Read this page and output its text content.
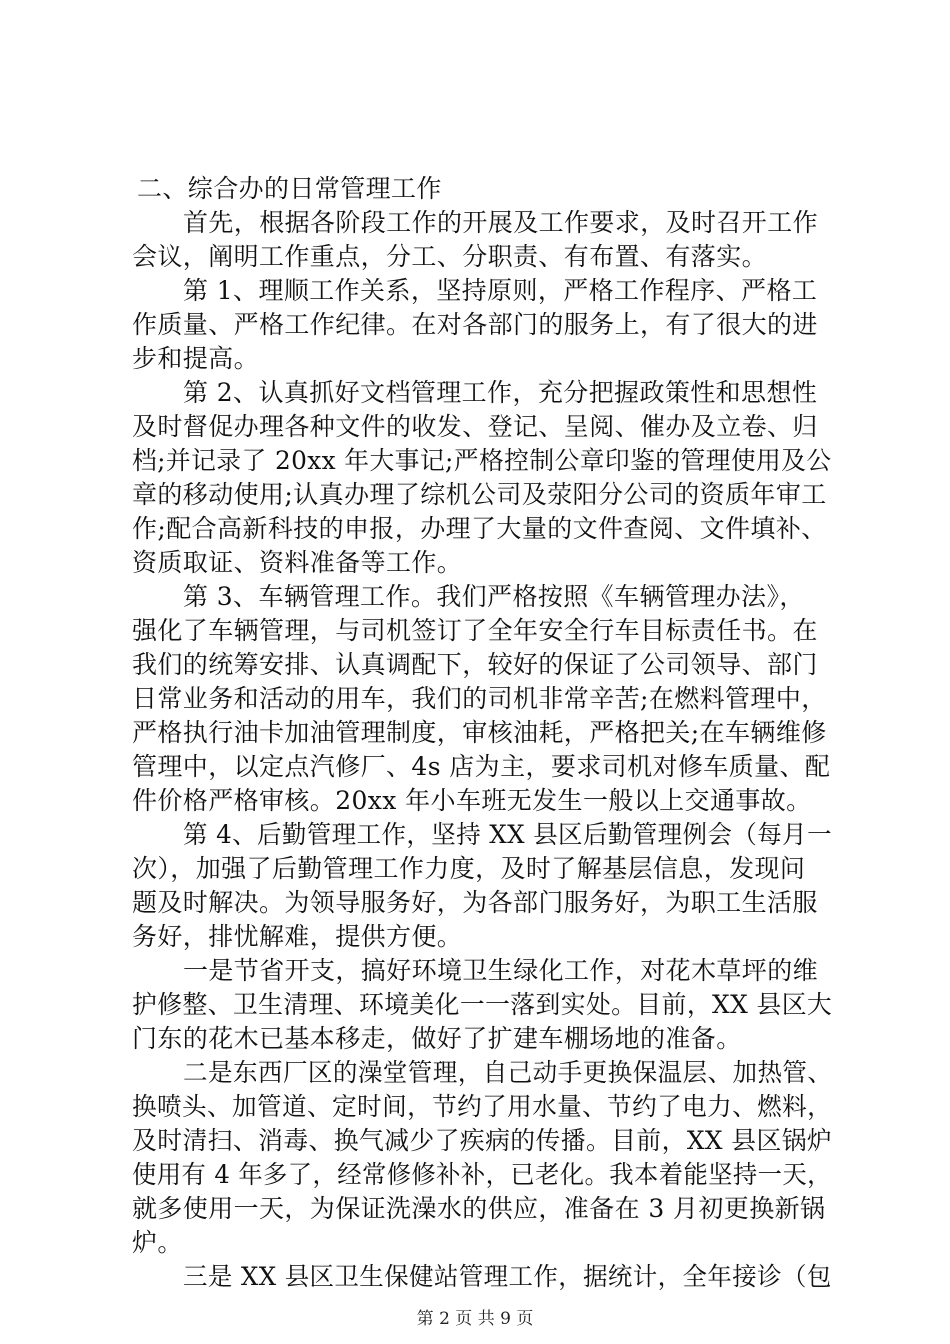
二、综合办的日常管理工作
首先，根据各阶段工作的开展及工作要求，及时召开工作
会议，阐明工作重点，分工、分职责、有布置、有落实。
第 1、理顺工作关系，坚持原则，严格工作程序、严格工
作质量、严格工作纪律。在对各部门的服务上，有了很大的进
步和提高。
第 2、认真抓好文档管理工作，充分把握政策性和思想性
及时督促办理各种文件的收发、登记、呈阅、催办及立卷、归
档;并记录了 20xx 年大事记;严格控制公章印鉴的管理使用及公
章的移动使用;认真办理了综机公司及荥阳分公司的资质年审工
作;配合高新科技的申报，办理了大量的文件查阅、文件填补、
资质取证、资料准备等工作。
第 3、车辆管理工作。我们严格按照《车辆管理办法》，
强化了车辆管理，与司机签订了全年安全行车目标责任书。在
我们的统筹安排、认真调配下，较好的保证了公司领导、部门
日常业务和活动的用车，我们的司机非常辛苦;在燃料管理中，
严格执行油卡加油管理制度，审核油耗，严格把关;在车辆维修
管理中，以定点汽修厂、4s 店为主，要求司机对修车质量、配
件价格严格审核。20xx 年小车班无发生一般以上交通事故。
第 4、后勤管理工作，坚持 XX 县区后勤管理例会（每月一
次），加强了后勤管理工作力度，及时了解基层信息，发现问
题及时解决。为领导服务好，为各部门服务好，为职工生活服
务好，排忧解难，提供方便。
一是节省开支，搞好环境卫生绿化工作，对花木草坪的维
护修整、卫生清理、环境美化一一落到实处。目前，XX 县区大
门东的花木已基本移走，做好了扩建车棚场地的准备。
二是东西厂区的澡堂管理，自己动手更换保温层、加热管、
换喷头、加管道、定时间，节约了用水量、节约了电力、燃料，
及时清扫、消毒、换气减少了疾病的传播。目前，XX 县区锅炉
使用有 4 年多了，经常修修补补，已老化。我本着能坚持一天，
就多使用一天，为保证洗澡水的供应，准备在 3 月初更换新锅
炉。
三是 XX 县区卫生保健站管理工作，据统计，全年接诊（包
第 2 页 共 9 页
